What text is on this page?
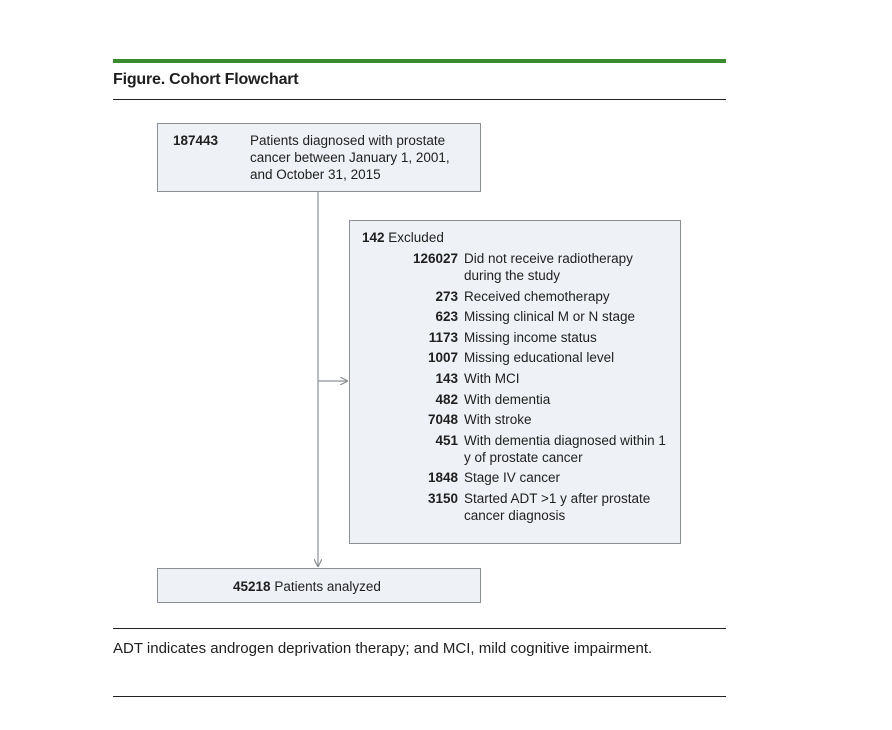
Figure. Cohort Flowchart
187443 Patients diagnosed with prostate cancer between January 1, 2001, and October 31, 2015
142 Excluded
126027 Did not receive radiotherapy during the study
273 Received chemotherapy
623 Missing clinical M or N stage
1173 Missing income status
1007 Missing educational level
143 With MCI
482 With dementia
7048 With stroke
451 With dementia diagnosed within 1 y of prostate cancer
1848 Stage IV cancer
3150 Started ADT >1 y after prostate cancer diagnosis
45218 Patients analyzed
ADT indicates androgen deprivation therapy; and MCI, mild cognitive impairment.
